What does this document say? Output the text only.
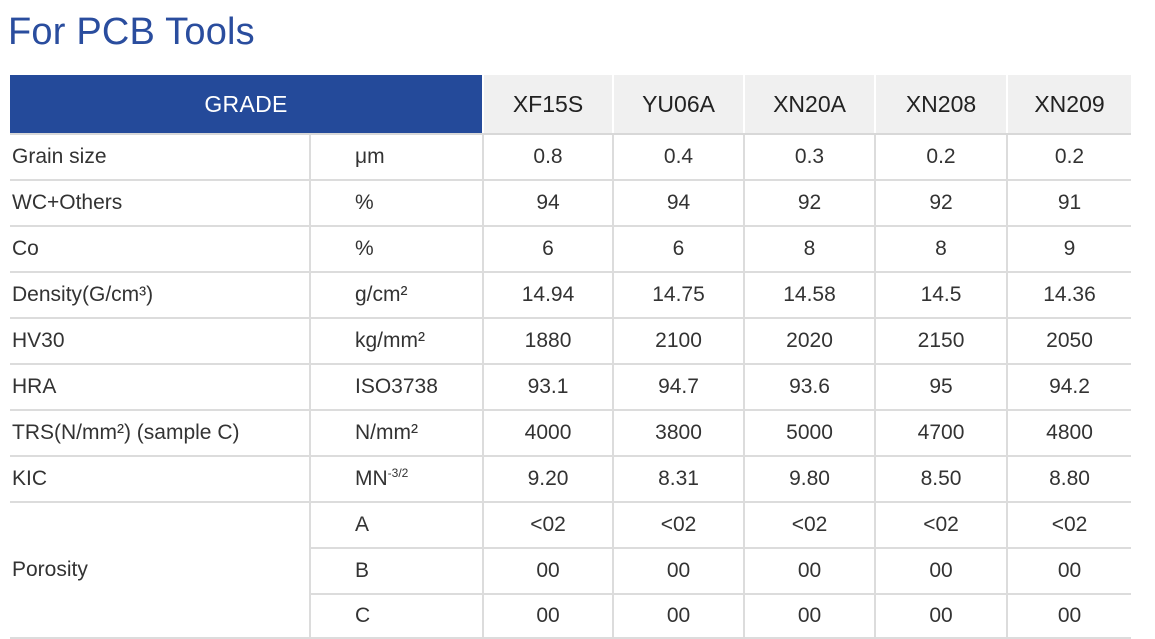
For PCB Tools
GRADE		XF15S	YU06A	XN20A	XN208	XN209
Grain size	μm	0.8	0.4	0.3	0.2	0.2
WC+Others	%	94	94	92	92	91
Co	%	6	6	8	8	9
Density(G/cm³)	g/cm²	14.94	14.75	14.58	14.5	14.36
HV30	kg/mm²	1880	2100	2020	2150	2050
HRA	ISO3738	93.1	94.7	93.6	95	94.2
TRS(N/mm²) (sample C)	N/mm²	4000	3800	5000	4700	4800
KIC	$MN^{-3/2}$	9.20	8.31	9.80	8.50	8.80
Porosity	A	<02	<02	<02	<02	<02
	B	00	00	00	00	00
	C	00	00	00	00	00
